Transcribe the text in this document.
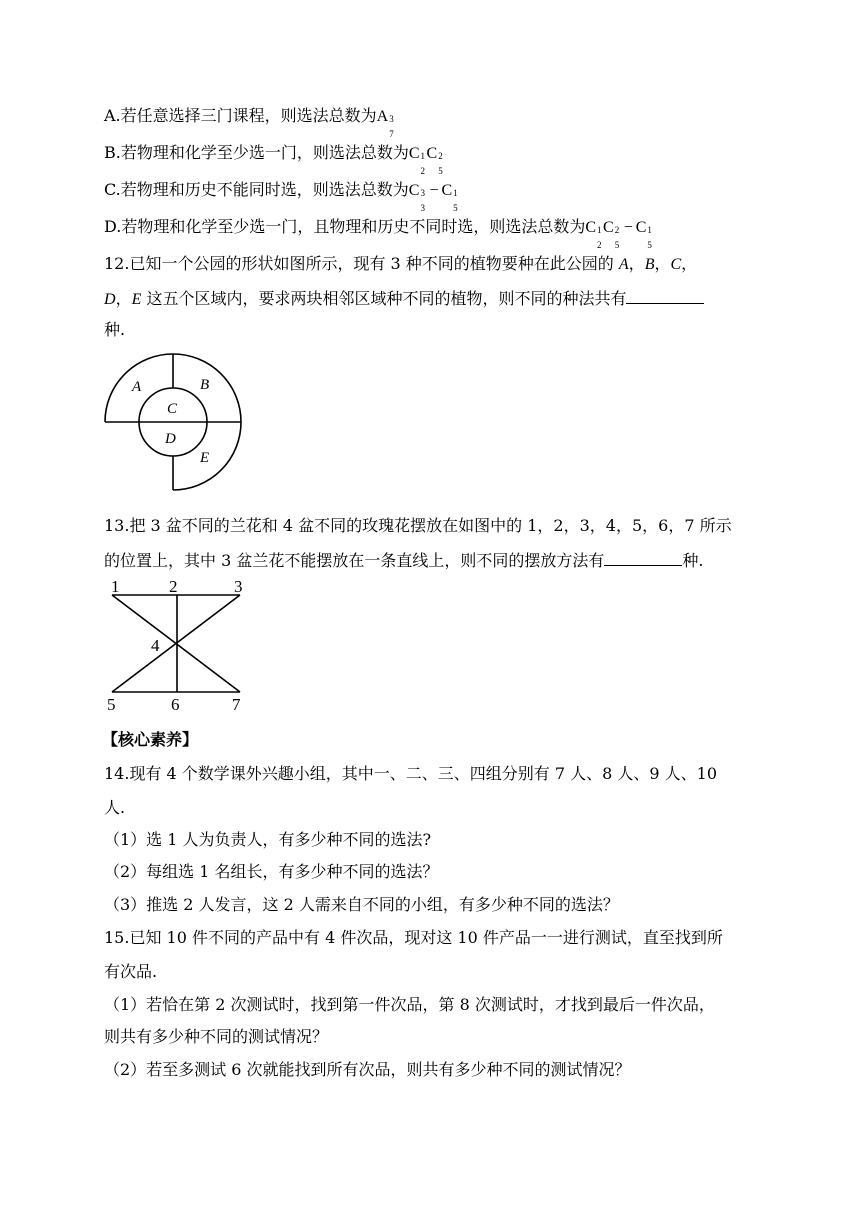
A.若任意选择三门课程，则选法总数为A 3
7
B.若物理和化学至少选一门，则选法总数为C 1
2
C 2
5
C.若物理和历史不能同时选，则选法总数为C 3
3
− C 1
5
D.若物理和化学至少选一门，且物理和历史不同时选，则选法总数为C 1
2
C 2
5
− C 1
5
12.已知一个公园的形状如图所示，现有 3 种不同的植物要种在此公园的 A，B，C，
D，E 这五个区域内，要求两块相邻区域种不同的植物，则不同的种法共有
种.
A	B
C
D
E
13.把 3 盆不同的兰花和 4 盆不同的玫瑰花摆放在如图中的 1，2，3，4，5，6，7 所示
的位置上，其中 3 盆兰花不能摆放在一条直线上，则不同的摆放方法有	种.
1	2	3
4
5	6	7
【核心素养】
14.现有 4 个数学课外兴趣小组，其中一、二、三、四组分别有 7 人、8 人、9 人、10
人.
（1）选 1 人为负责人，有多少种不同的选法?
（2）每组选 1 名组长，有多少种不同的选法？
（3）推选 2 人发言，这 2 人需来自不同的小组，有多少种不同的选法？
15.已知 10 件不同的产品中有 4 件次品，现对这 10 件产品一一进行测试，直至找到所
有次品.
（1）若恰在第 2 次测试时，找到第一件次品，第 8 次测试时，才找到最后一件次品，
则共有多少种不同的测试情况？
（2）若至多测试 6 次就能找到所有次品，则共有多少种不同的测试情况？
